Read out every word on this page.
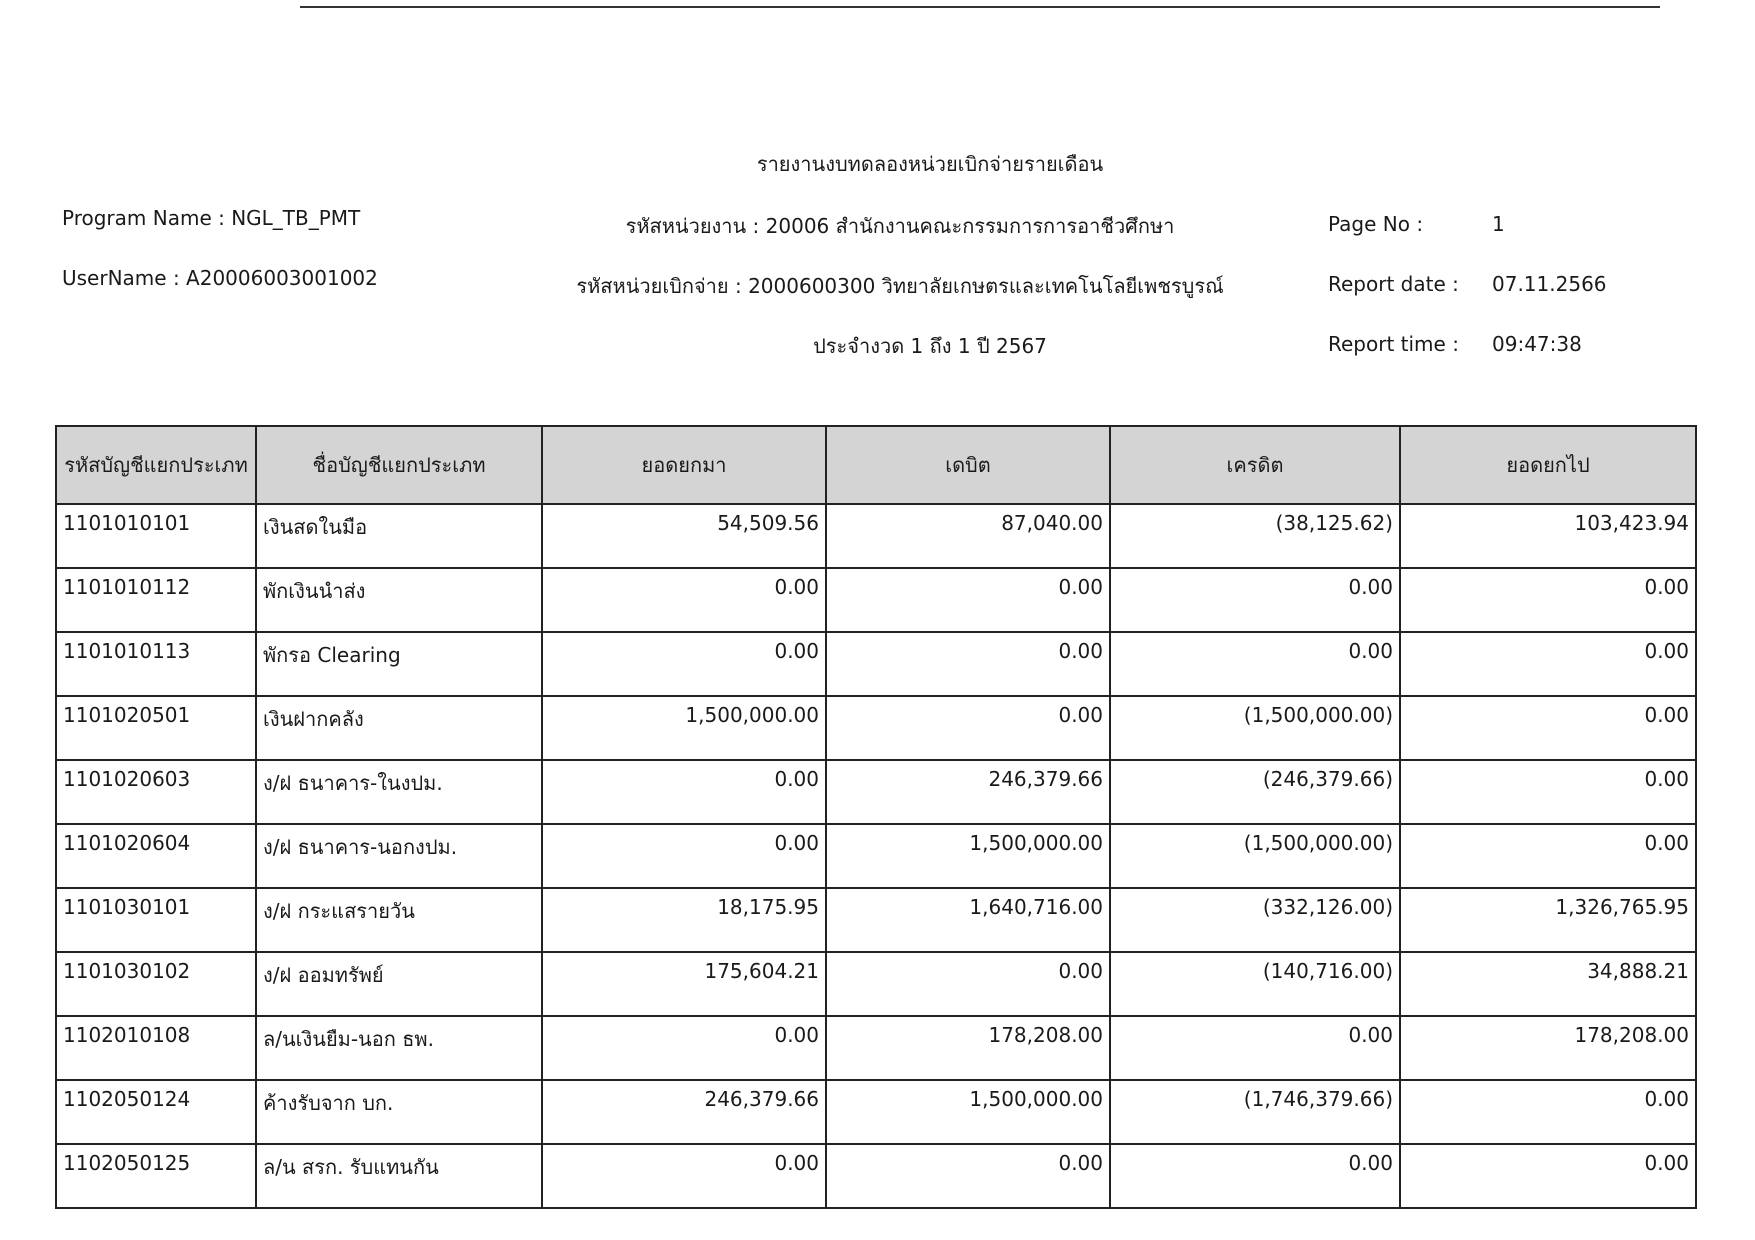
รายงานงบทดลองหน่วยเบิกจ่ายรายเดือน
Program Name : NGL_TB_PMT
UserName : A20006003001002
รหัสหน่วยงาน : 20006 สำนักงานคณะกรรมการการอาชีวศึกษา
รหัสหน่วยเบิกจ่าย : 2000600300 วิทยาลัยเกษตรและเทคโนโลยีเพชรบูรณ์
ประจำงวด 1 ถึง 1 ปี 2567
Page No :	1
Report date : 07.11.2566
Report time : 09:47:38
รหัสบัญชีแยกประเภท	ชื่อบัญชีแยกประเภท	ยอดยกมา	เดบิต	เครดิต	ยอดยกไป
1101010101	เงินสดในมือ	54,509.56	87,040.00	(38,125.62)	103,423.94
1101010112	พักเงินนำส่ง	0.00	0.00	0.00	0.00
1101010113	พักรอ Clearing	0.00	0.00	0.00	0.00
1101020501	เงินฝากคลัง	1,500,000.00	0.00	(1,500,000.00)	0.00
1101020603	ง/ฝ ธนาคาร-ในงปม.	0.00	246,379.66	(246,379.66)	0.00
1101020604	ง/ฝ ธนาคาร-นอกงปม.	0.00	1,500,000.00	(1,500,000.00)	0.00
1101030101	ง/ฝ กระแสรายวัน	18,175.95	1,640,716.00	(332,126.00)	1,326,765.95
1101030102	ง/ฝ ออมทรัพย์	175,604.21	0.00	(140,716.00)	34,888.21
1102010108	ล/นเงินยืม-นอก ธพ.	0.00	178,208.00	0.00	178,208.00
1102050124	ค้างรับจาก บก.	246,379.66	1,500,000.00	(1,746,379.66)	0.00
1102050125	ล/น สรก. รับแทนกัน	0.00	0.00	0.00	0.00
